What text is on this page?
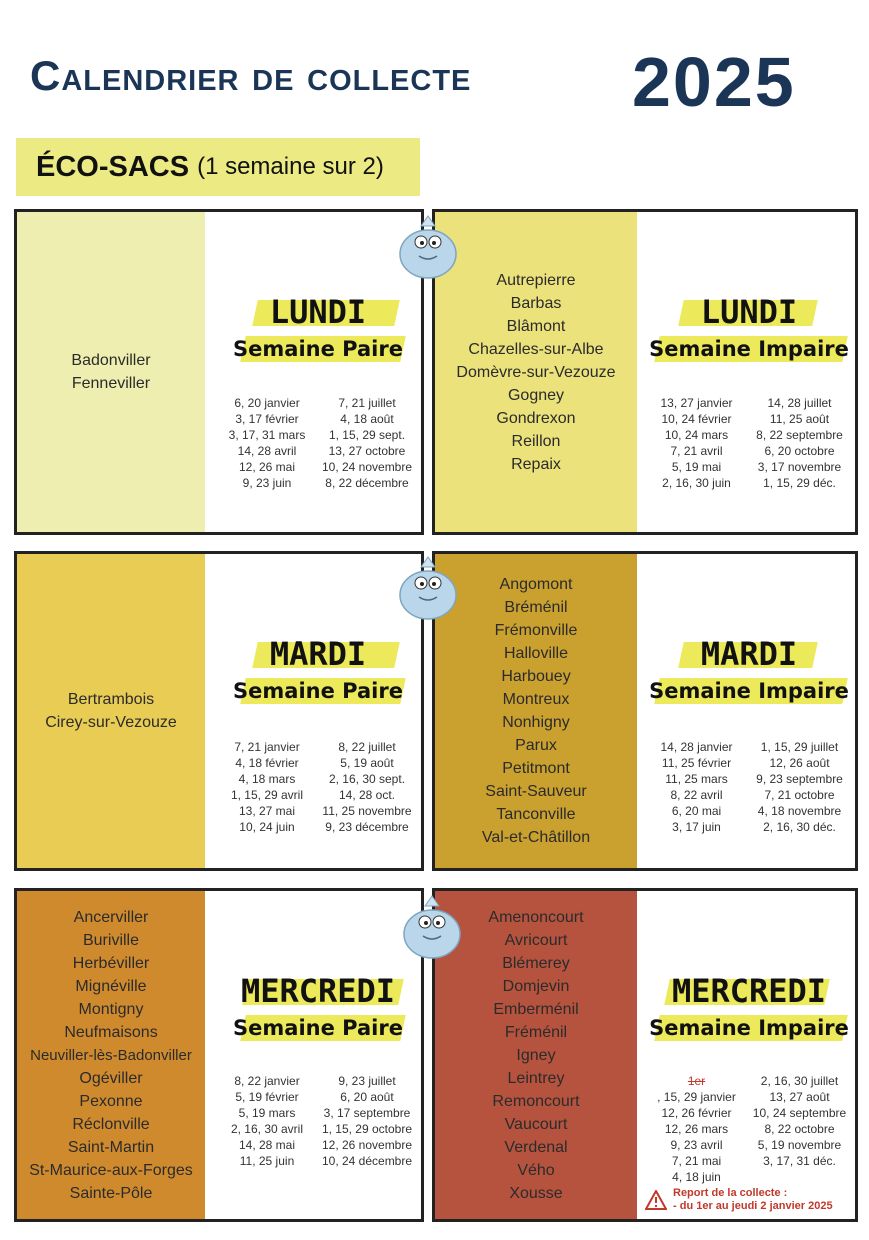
Calendrier de collecte 2025
ÉCO-SACS (1 semaine sur 2)
Badonviller
Fenneviller
LUNDI
Semaine Paire
6, 20 janvier
3, 17 février
3, 17, 31 mars
14, 28 avril
12, 26 mai
9, 23 juin
7, 21 juillet
4, 18 août
1, 15, 29 sept.
13, 27 octobre
10, 24 novembre
8, 22 décembre
Autrepierre
Barbas
Blâmont
Chazelles-sur-Albe
Domèvre-sur-Vezouze
Gogney
Gondrexon
Reillon
Repaix
LUNDI
Semaine Impaire
13, 27 janvier
10, 24 février
10, 24 mars
7, 21 avril
5, 19 mai
2, 16, 30 juin
14, 28 juillet
11, 25 août
8, 22 septembre
6, 20 octobre
3, 17 novembre
1, 15, 29 déc.
Bertrambois
Cirey-sur-Vezouze
MARDI
Semaine Paire
7, 21 janvier
4, 18 février
4, 18 mars
1, 15, 29 avril
13, 27 mai
10, 24 juin
8, 22 juillet
5, 19 août
2, 16, 30 sept.
14, 28 oct.
11, 25 novembre
9, 23 décembre
Angomont
Bréménil
Frémonville
Halloville
Harbouey
Montreux
Nonhigny
Parux
Petitmont
Saint-Sauveur
Tanconville
Val-et-Châtillon
MARDI
Semaine Impaire
14, 28 janvier
11, 25 février
11, 25 mars
8, 22 avril
6, 20 mai
3, 17 juin
1, 15, 29 juillet
12, 26 août
9, 23 septembre
7, 21 octobre
4, 18 novembre
2, 16, 30 déc.
Ancerviller
Buriville
Herbéviller
Mignéville
Montigny
Neufmaisons
Neuviller-lès-Badonviller
Ogéviller
Pexonne
Réclonville
Saint-Martin
St-Maurice-aux-Forges
Sainte-Pôle
MERCREDI
Semaine Paire
8, 22 janvier
5, 19 février
5, 19 mars
2, 16, 30 avril
14, 28 mai
11, 25 juin
9, 23 juillet
6, 20 août
3, 17 septembre
1, 15, 29 octobre
12, 26 novembre
10, 24 décembre
Amenoncourt
Avricourt
Blémerey
Domjevin
Emberménil
Fréménil
Igney
Leintrey
Remoncourt
Vaucourt
Verdenal
Vého
Xousse
MERCREDI
Semaine Impaire
1er
, 15, 29 janvier
12, 26 février
12, 26 mars
9, 23 avril
7, 21 mai
4, 18 juin
2, 16, 30 juillet
13, 27 août
10, 24 septembre
8, 22 octobre
5, 19 novembre
3, 17, 31 déc.
Report de la collecte :
- du 1er au jeudi 2 janvier 2025
